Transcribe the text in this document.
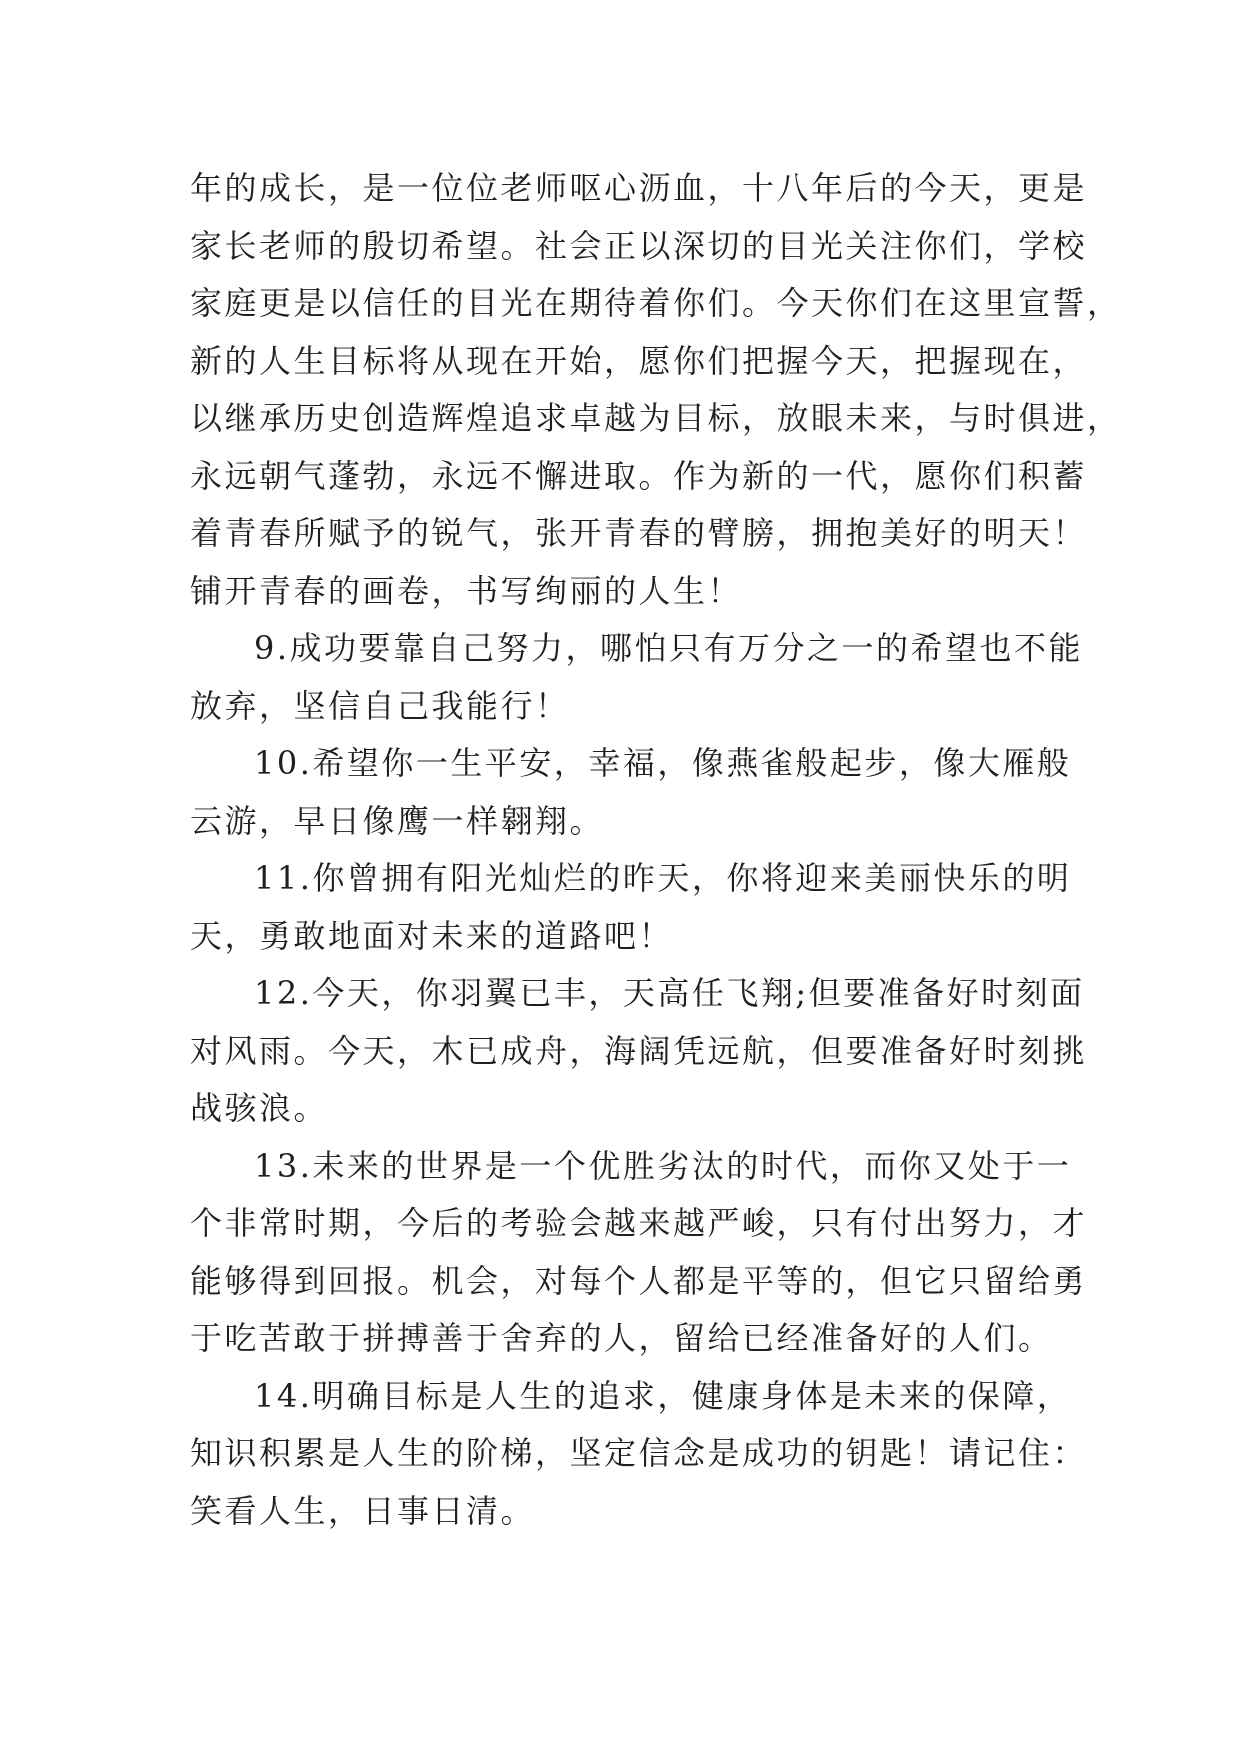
年的成长，是一位位老师呕心沥血，十八年后的今天，更是
家长老师的殷切希望。社会正以深切的目光关注你们，学校
家庭更是以信任的目光在期待着你们。今天你们在这里宣誓，
新的人生目标将从现在开始，愿你们把握今天，把握现在，
以继承历史创造辉煌追求卓越为目标，放眼未来，与时俱进，
永远朝气蓬勃，永远不懈进取。作为新的一代，愿你们积蓄
着青春所赋予的锐气，张开青春的臂膀，拥抱美好的明天！
铺开青春的画卷，书写绚丽的人生！
9.成功要靠自己努力，哪怕只有万分之一的希望也不能
放弃，坚信自己我能行！
10.希望你一生平安，幸福，像燕雀般起步，像大雁般
云游，早日像鹰一样翱翔。
11.你曾拥有阳光灿烂的昨天，你将迎来美丽快乐的明
天，勇敢地面对未来的道路吧！
12.今天，你羽翼已丰，天高任飞翔;但要准备好时刻面
对风雨。今天，木已成舟，海阔凭远航，但要准备好时刻挑
战骇浪。
13.未来的世界是一个优胜劣汰的时代，而你又处于一
个非常时期，今后的考验会越来越严峻，只有付出努力，才
能够得到回报。机会，对每个人都是平等的，但它只留给勇
于吃苦敢于拼搏善于舍弃的人，留给已经准备好的人们。
14.明确目标是人生的追求，健康身体是未来的保障，
知识积累是人生的阶梯，坚定信念是成功的钥匙！请记住：
笑看人生，日事日清。
